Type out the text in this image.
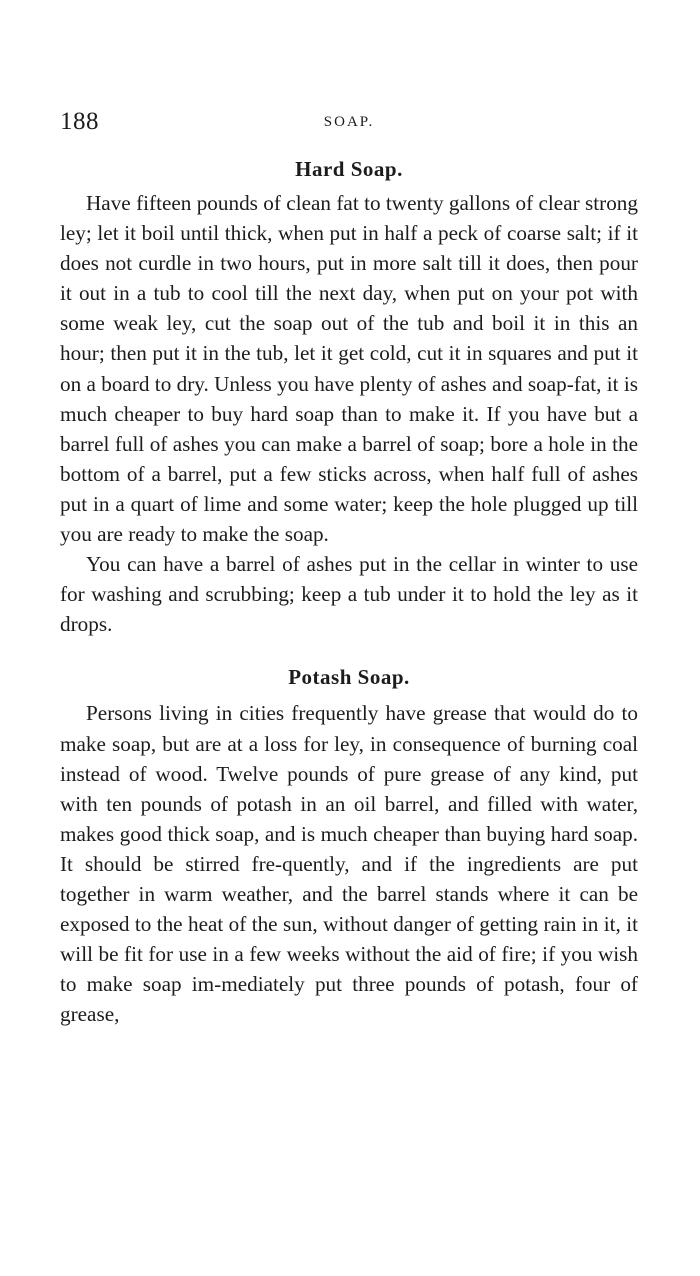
188	SOAP.
Hard Soap.

Have fifteen pounds of clean fat to twenty gallons of clear strong ley; let it boil until thick, when put in half a peck of coarse salt; if it does not curdle in two hours, put in more salt till it does, then pour it out in a tub to cool till the next day, when put on your pot with some weak ley, cut the soap out of the tub and boil it in this an hour; then put it in the tub, let it get cold, cut it in squares and put it on a board to dry. Unless you have plenty of ashes and soap-fat, it is much cheaper to buy hard soap than to make it. If you have but a barrel full of ashes you can make a barrel of soap; bore a hole in the bottom of a barrel, put a few sticks across, when half full of ashes put in a quart of lime and some water; keep the hole plugged up till you are ready to make the soap.

You can have a barrel of ashes put in the cellar in winter to use for washing and scrubbing; keep a tub under it to hold the ley as it drops.

Potash Soap.

Persons living in cities frequently have grease that would do to make soap, but are at a loss for ley, in consequence of burning coal instead of wood. Twelve pounds of pure grease of any kind, put with ten pounds of potash in an oil barrel, and filled with water, makes good thick soap, and is much cheaper than buying hard soap. It should be stirred fre-quently, and if the ingredients are put together in warm weather, and the barrel stands where it can be exposed to the heat of the sun, without danger of getting rain in it, it will be fit for use in a few weeks without the aid of fire; if you wish to make soap im-mediately put three pounds of potash, four of grease,
